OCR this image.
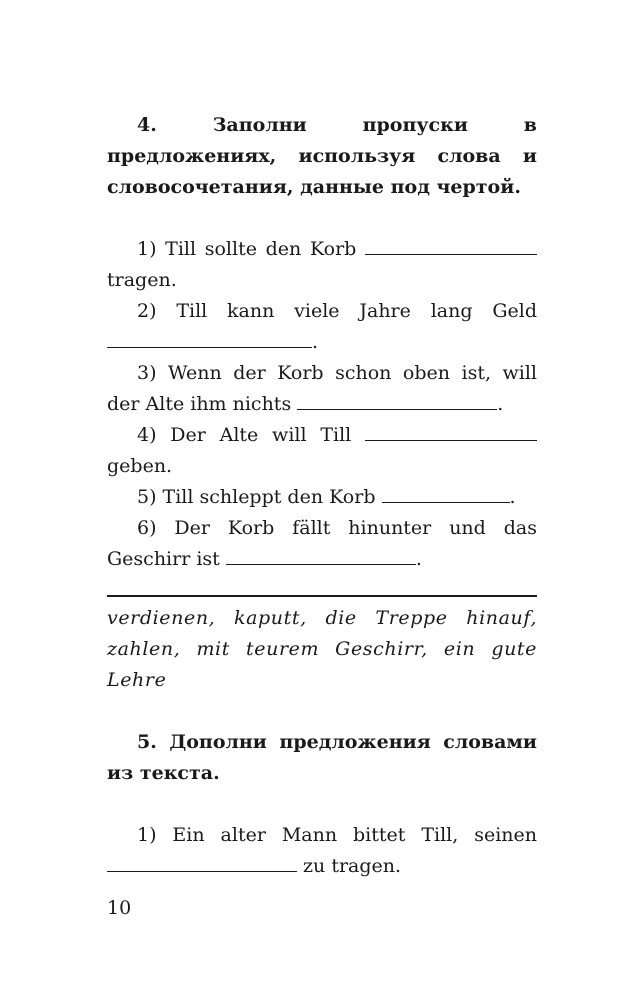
4. Заполни пропуски в предложениях, используя слова и словосочетания, данные под чертой.

1) Till sollte den Korb  tragen.

2) Till kann viele Jahre lang Geld .

3) Wenn der Korb schon oben ist, will der Alte ihm nichts	.

4) Der Alte will Till  geben.

5) Till schleppt den Korb	.

6) Der Korb fällt hinunter und das Geschirr ist	.

verdienen, kaputt, die Treppe hinauf, zahlen, mit teurem Geschirr, ein gute Lehre

5. Дополни предложения словами из текста.

1) Ein alter Mann bittet Till, seinen  zu tragen.

10
